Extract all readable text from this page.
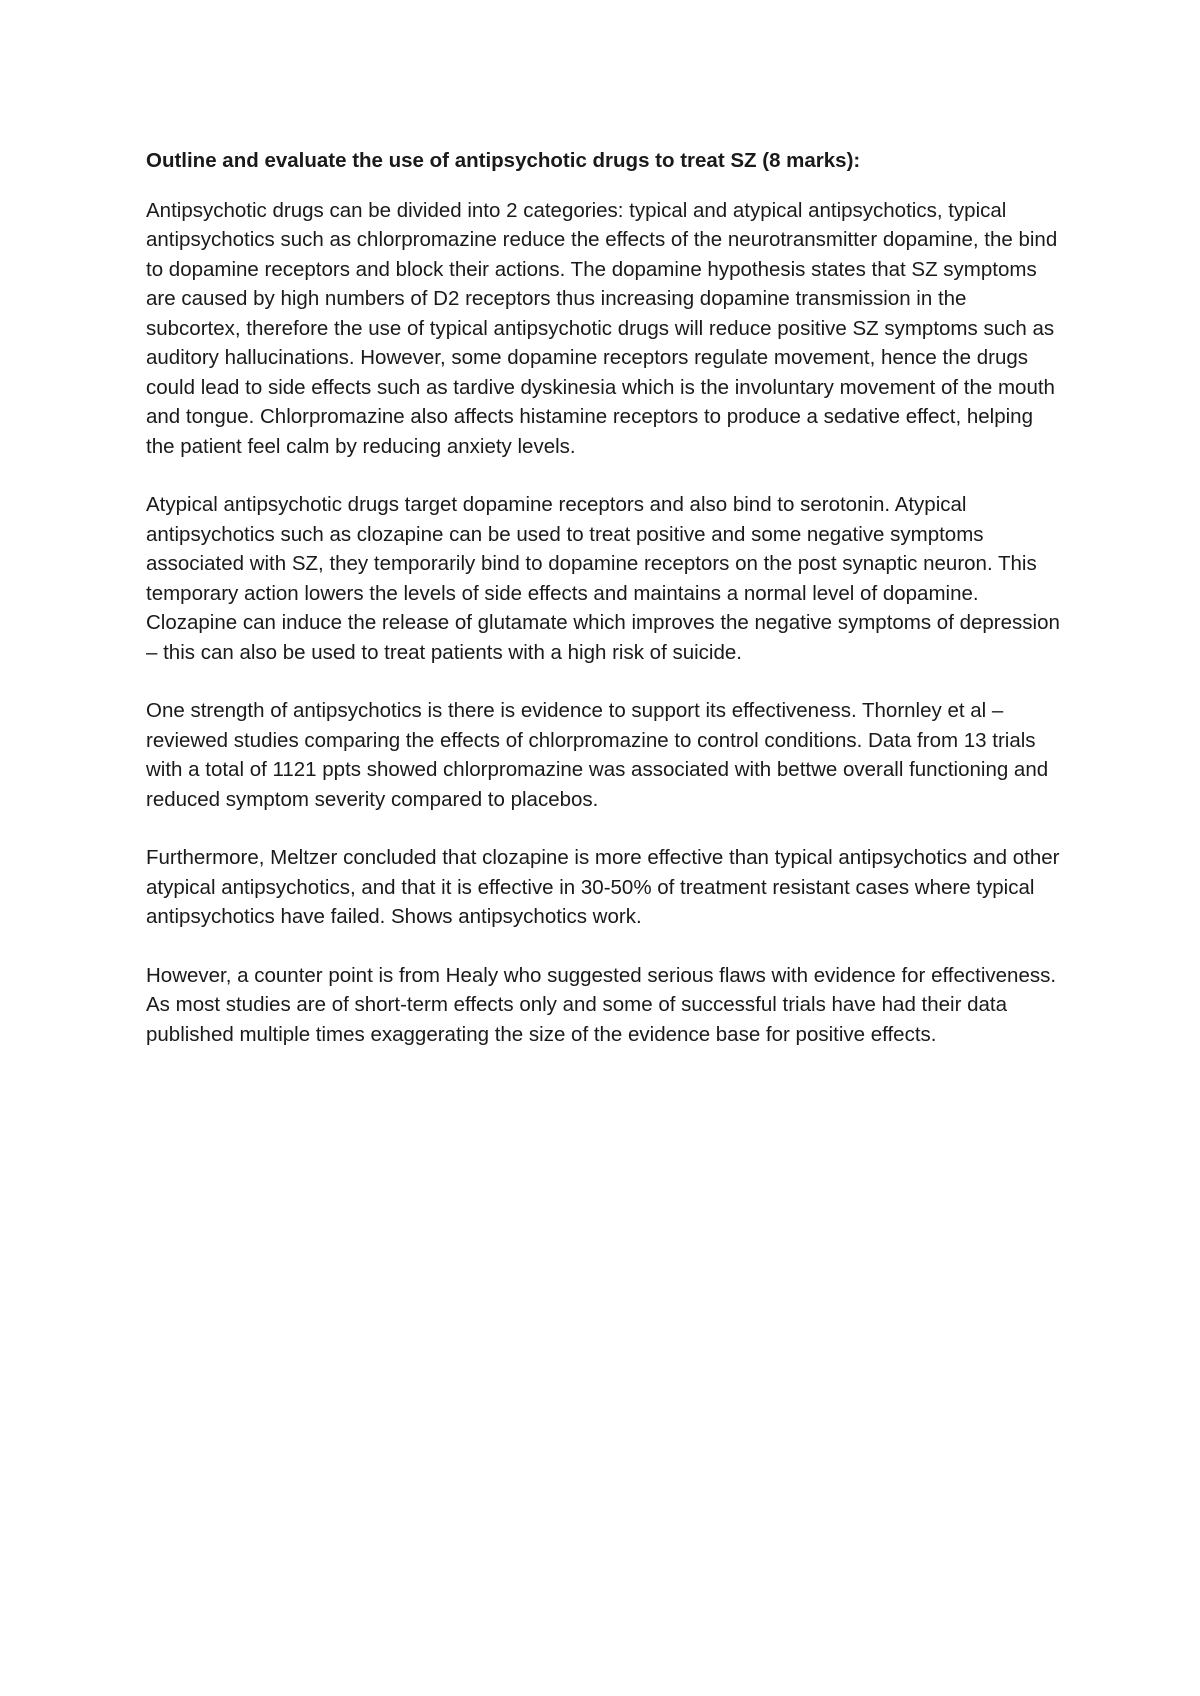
Outline and evaluate the use of antipsychotic drugs to treat SZ (8 marks):
Antipsychotic drugs can be divided into 2 categories: typical and atypical antipsychotics, typical antipsychotics such as chlorpromazine reduce the effects of the neurotransmitter dopamine, the bind to dopamine receptors and block their actions. The dopamine hypothesis states that SZ symptoms are caused by high numbers of D2 receptors thus increasing dopamine transmission in the subcortex, therefore the use of typical antipsychotic drugs will reduce positive SZ symptoms such as auditory hallucinations. However, some dopamine receptors regulate movement, hence the drugs could lead to side effects such as tardive dyskinesia which is the involuntary movement of the mouth and tongue. Chlorpromazine also affects histamine receptors to produce a sedative effect, helping the patient feel calm by reducing anxiety levels.
Atypical antipsychotic drugs target dopamine receptors and also bind to serotonin. Atypical antipsychotics such as clozapine can be used to treat positive and some negative symptoms associated with SZ, they temporarily bind to dopamine receptors on the post synaptic neuron. This temporary action lowers the levels of side effects and maintains a normal level of dopamine. Clozapine can induce the release of glutamate which improves the negative symptoms of depression – this can also be used to treat patients with a high risk of suicide.
One strength of antipsychotics is there is evidence to support its effectiveness. Thornley et al – reviewed studies comparing the effects of chlorpromazine to control conditions. Data from 13 trials with a total of 1121 ppts showed chlorpromazine was associated with bettwe overall functioning and reduced symptom severity compared to placebos.
Furthermore, Meltzer concluded that clozapine is more effective than typical antipsychotics and other atypical antipsychotics, and that it is effective in 30-50% of treatment resistant cases where typical antipsychotics have failed. Shows antipsychotics work.
However, a counter point is from Healy who suggested serious flaws with evidence for effectiveness. As most studies are of short-term effects only and some of successful trials have had their data published multiple times exaggerating the size of the evidence base for positive effects.
